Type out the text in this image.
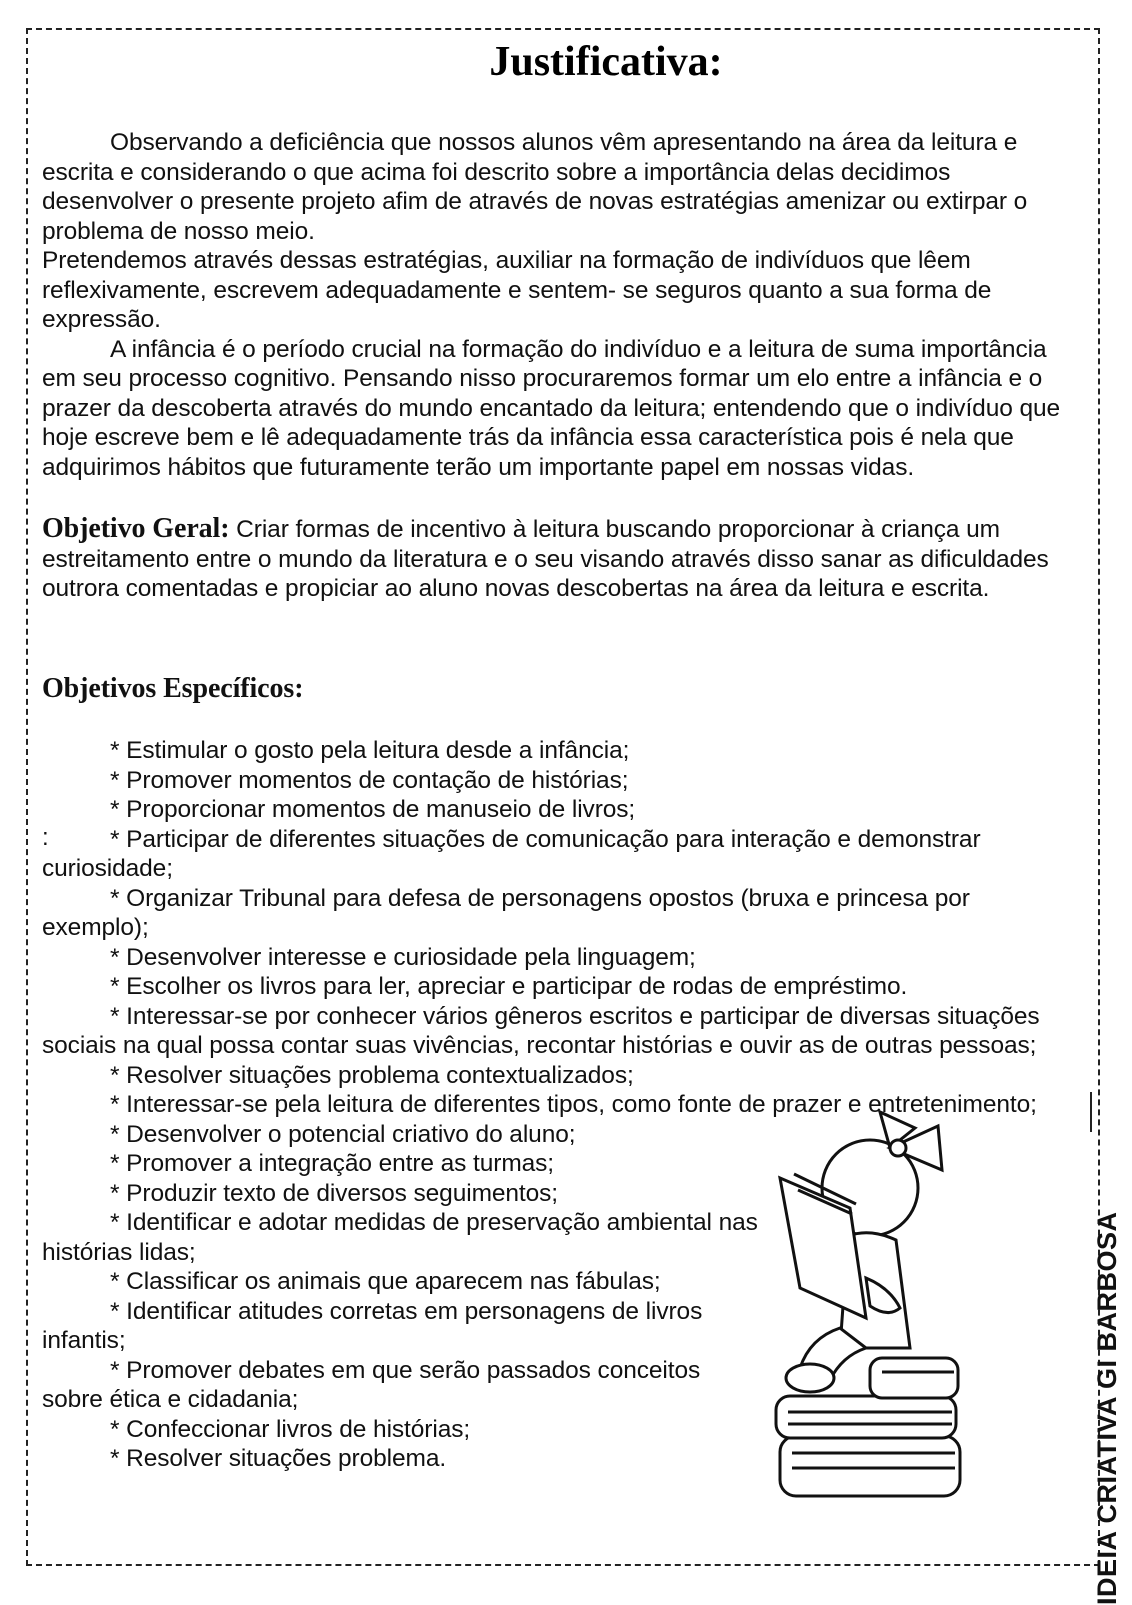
Justificativa:
Observando a deficiência que nossos alunos vêm apresentando na área da leitura e escrita e considerando o que acima foi descrito sobre a importância delas decidimos desenvolver o presente projeto afim de através de novas estratégias amenizar ou extirpar o problema de nosso meio.
Pretendemos através dessas estratégias, auxiliar na formação de indivíduos que lêem reflexivamente, escrevem adequadamente e sentem- se seguros quanto a sua forma de expressão.
A infância é o período crucial na formação do indivíduo e a leitura de suma importância em seu processo cognitivo. Pensando nisso procuraremos formar um elo entre a infância e o prazer da descoberta através do mundo encantado da leitura; entendendo que o indivíduo que hoje escreve bem e lê adequadamente trás da infância essa característica pois é nela que adquirimos hábitos que futuramente terão um importante papel em nossas vidas.
Objetivo Geral: Criar formas de incentivo à leitura buscando proporcionar à criança um estreitamento entre o mundo da literatura e o seu visando através disso sanar as dificuldades outrora comentadas e propiciar ao aluno novas descobertas na área da leitura e escrita.
Objetivos Específicos:
:
* Estimular o gosto pela leitura desde a infância;
* Promover momentos de contação de histórias;
* Proporcionar momentos de manuseio de livros;
* Participar de diferentes situações de comunicação para interação e demonstrar curiosidade;
* Organizar Tribunal para defesa de personagens opostos (bruxa e princesa por exemplo);
* Desenvolver interesse e curiosidade pela linguagem;
* Escolher os livros para ler, apreciar e participar de rodas de empréstimo.
* Interessar-se por conhecer vários gêneros escritos e participar de diversas situações sociais na qual possa contar suas vivências, recontar histórias e ouvir as de outras pessoas;
* Resolver situações problema contextualizados;
* Interessar-se pela leitura de diferentes tipos, como fonte de prazer e entretenimento;
* Desenvolver o potencial criativo do aluno;
* Promover a integração entre as turmas;
* Produzir texto de diversos seguimentos;
* Identificar e adotar medidas de preservação ambiental nas histórias lidas;
* Classificar os animais que aparecem nas fábulas;
* Identificar atitudes corretas em personagens de livros infantis;
* Promover debates em que serão passados conceitos sobre ética e cidadania;
* Confeccionar livros de histórias;
* Resolver situações problema.	IDEIA CRIATIVA GI BARBOSA
